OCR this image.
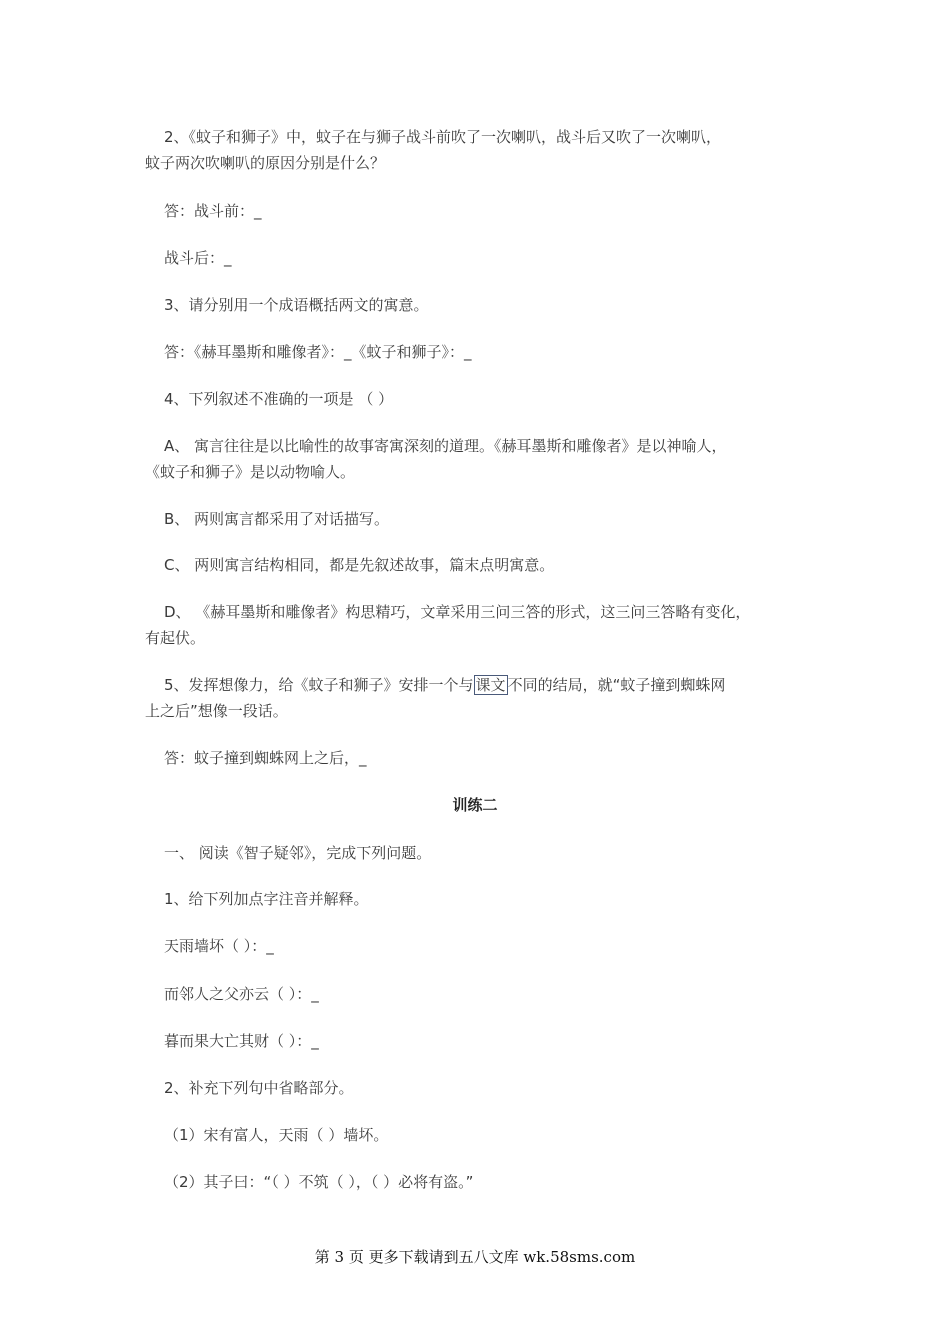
2、《蚊子和狮子》中，蚊子在与狮子战斗前吹了一次喇叭，战斗后又吹了一次喇叭，
蚊子两次吹喇叭的原因分别是什么？
答：战斗前：_
战斗后：_
3、请分别用一个成语概括两文的寓意。
答：《赫耳墨斯和雕像者》：_《蚊子和狮子》：_
4、下列叙述不准确的一项是 （ ）
A、 寓言往往是以比喻性的故事寄寓深刻的道理。《赫耳墨斯和雕像者》是以神喻人，
《蚊子和狮子》是以动物喻人。
B、 两则寓言都采用了对话描写。
C、 两则寓言结构相同，都是先叙述故事，篇末点明寓意。
D、 《赫耳墨斯和雕像者》构思精巧，文章采用三问三答的形式，这三问三答略有变化，
有起伏。
5、发挥想像力，给《蚊子和狮子》安排一个与 课文 不同的结局，就“蚊子撞到蜘蛛网
上之后”想像一段话。
答：蚊子撞到蜘蛛网上之后，_
训练二
一、 阅读《智子疑邻》，完成下列问题。
1、给下列加点字注音并解释。
天雨墙坏（ ）：_
而邻人之父亦云（ ）：_
暮而果大亡其财（ ）：_
2、补充下列句中省略部分。
（1）宋有富人，天雨（ ）墙坏。
（2）其子曰：“（ ）不筑（ ），（ ）必将有盗。”
第 3 页 更多下载请到五八文库 wk.58sms.com
